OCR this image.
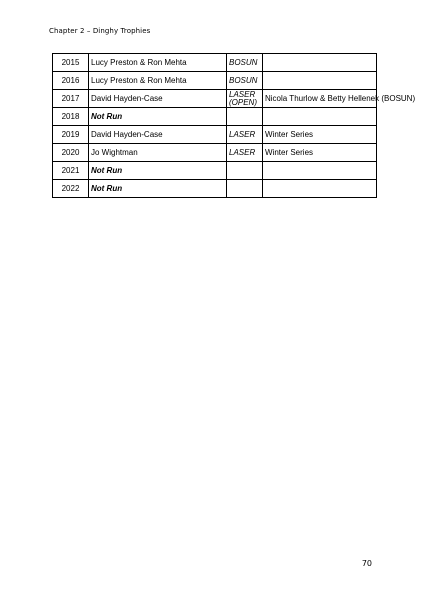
Chapter 2 – Dinghy Trophies
2015	Lucy Preston & Ron Mehta	BOSUN	
2016	Lucy Preston & Ron Mehta	BOSUN	
2017	David Hayden-Case	LASER (OPEN)	Nicola Thurlow & Betty Hellenek (BOSUN)
2018	Not Run		
2019	David Hayden-Case	LASER	Winter Series
2020	Jo Wightman	LASER	Winter Series
2021	Not Run		
2022	Not Run		
70
